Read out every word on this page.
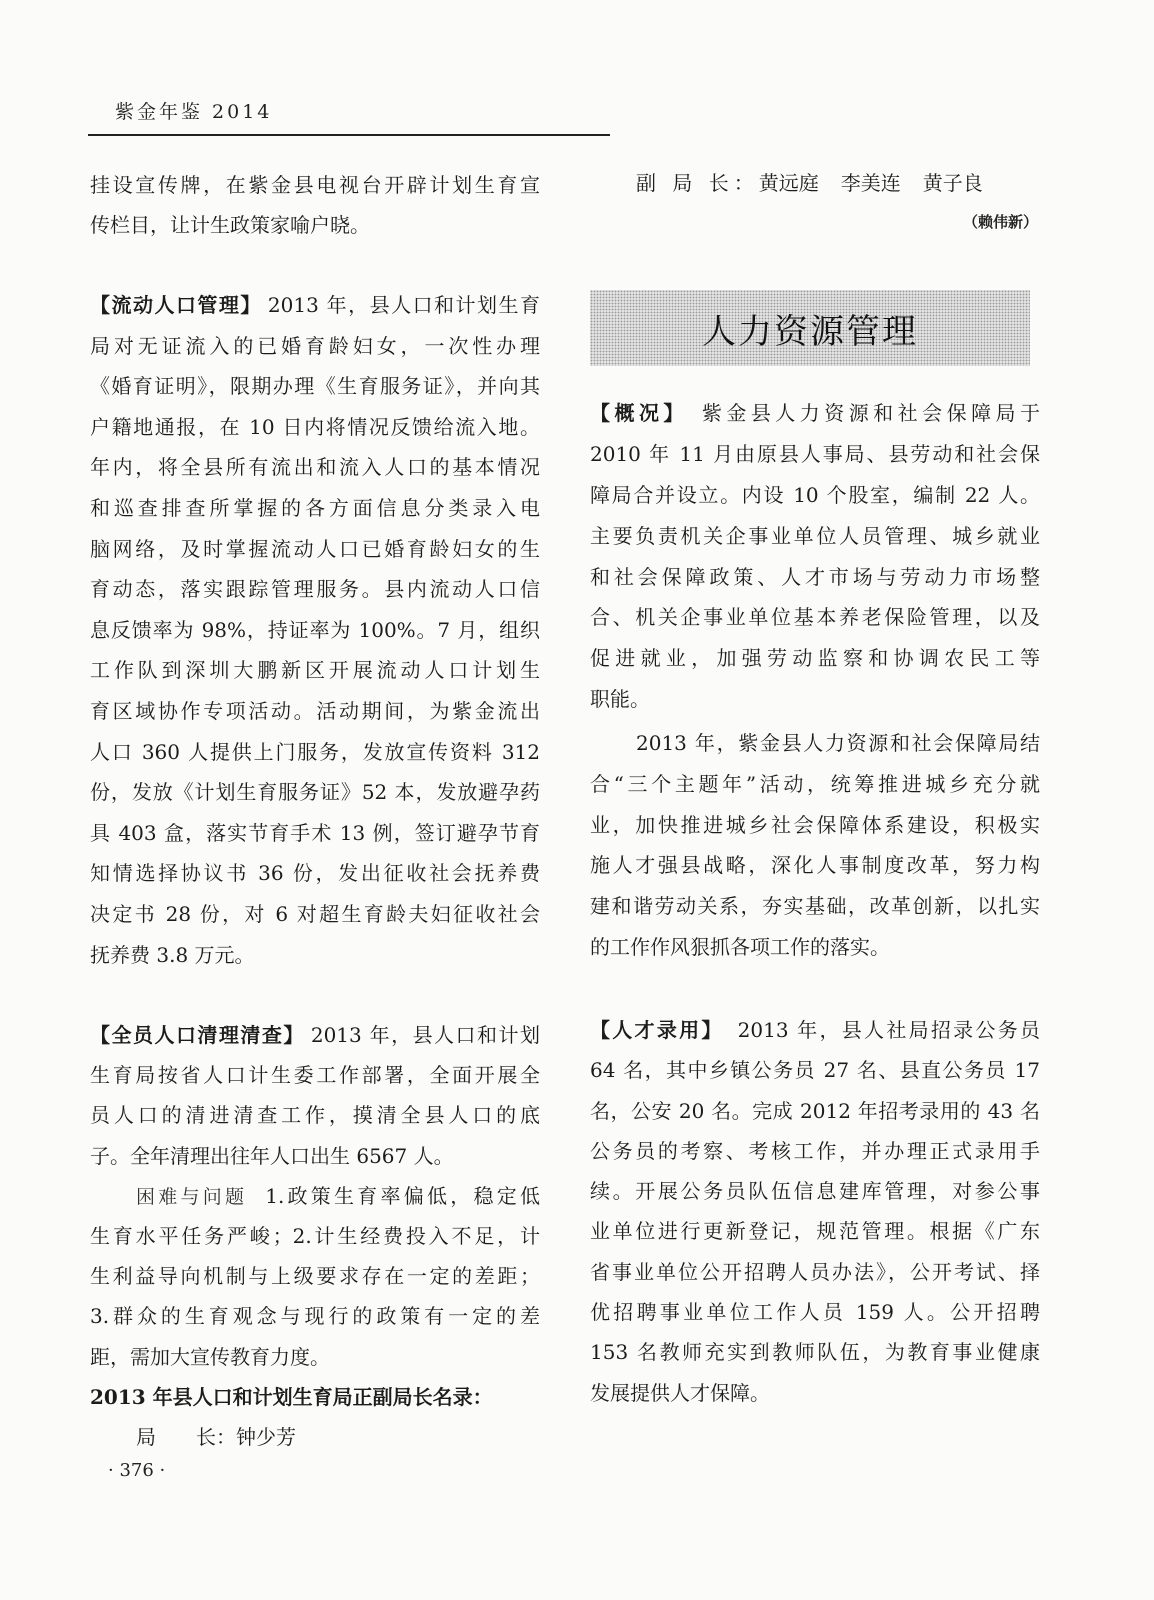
紫金年鉴 2014
挂设宣传牌，在紫金县电视台开辟计划生育宣
传栏目，让计生政策家喻户晓。
【流动人口管理】 2013 年，县人口和计划生育
局对无证流入的已婚育龄妇女，一次性办理
《婚育证明》，限期办理《生育服务证》，并向其
户籍地通报，在 10 日内将情况反馈给流入地。
年内，将全县所有流出和流入人口的基本情况
和巡查排查所掌握的各方面信息分类录入电
脑网络，及时掌握流动人口已婚育龄妇女的生
育动态，落实跟踪管理服务。县内流动人口信
息反馈率为 98%，持证率为 100%。7 月，组织
工作队到深圳大鹏新区开展流动人口计划生
育区域协作专项活动。活动期间，为紫金流出
人口 360 人提供上门服务，发放宣传资料 312
份，发放《计划生育服务证》52 本，发放避孕药
具 403 盒，落实节育手术 13 例，签订避孕节育
知情选择协议书 36 份，发出征收社会抚养费
决定书 28 份，对 6 对超生育龄夫妇征收社会
抚养费 3.8 万元。
【全员人口清理清查】 2013 年，县人口和计划
生育局按省人口计生委工作部署，全面开展全
员人口的清进清查工作，摸清全县人口的底
子。全年清理出往年人口出生 6567 人。
困难与问题 1.政策生育率偏低，稳定低
生育水平任务严峻；2.计生经费投入不足，计
生利益导向机制与上级要求存在一定的差距；
3.群众的生育观念与现行的政策有一定的差
距，需加大宣传教育力度。
2013 年县人口和计划生育局正副局长名录：
局　　长：钟少芳
· 376 ·
副 局 长：黄远庭 李美连 黄子良
（赖伟新）
人力资源管理
【概况】 紫金县人力资源和社会保障局于
2010 年 11 月由原县人事局、县劳动和社会保
障局合并设立。内设 10 个股室，编制 22 人。
主要负责机关企事业单位人员管理、城乡就业
和社会保障政策、人才市场与劳动力市场整
合、机关企事业单位基本养老保险管理，以及
促进就业，加强劳动监察和协调农民工等
职能。
2013 年，紫金县人力资源和社会保障局结
合“三个主题年”活动，统筹推进城乡充分就
业，加快推进城乡社会保障体系建设，积极实
施人才强县战略，深化人事制度改革，努力构
建和谐劳动关系，夯实基础，改革创新，以扎实
的工作作风狠抓各项工作的落实。
【人才录用】 2013 年，县人社局招录公务员
64 名，其中乡镇公务员 27 名、县直公务员 17
名，公安 20 名。完成 2012 年招考录用的 43 名
公务员的考察、考核工作，并办理正式录用手
续。开展公务员队伍信息建库管理，对参公事
业单位进行更新登记，规范管理。根据《广东
省事业单位公开招聘人员办法》，公开考试、择
优招聘事业单位工作人员 159 人。公开招聘
153 名教师充实到教师队伍，为教育事业健康
发展提供人才保障。
